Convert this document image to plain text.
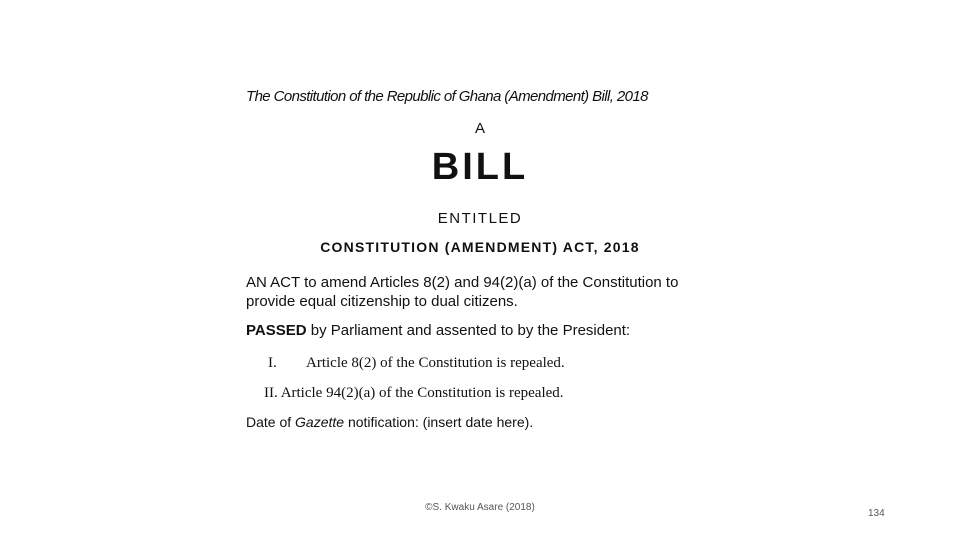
The Constitution of the Republic of Ghana (Amendment) Bill, 2018
A
BILL
ENTITLED
CONSTITUTION (AMENDMENT) ACT, 2018
AN ACT to amend Articles 8(2) and 94(2)(a) of the Constitution to provide equal citizenship to dual citizens.
PASSED by Parliament and assented to by the President:
I. Article 8(2) of the Constitution is repealed.
II. Article 94(2)(a) of the Constitution is repealed.
Date of Gazette notification: (insert date here).
©S. Kwaku Asare (2018)
134
